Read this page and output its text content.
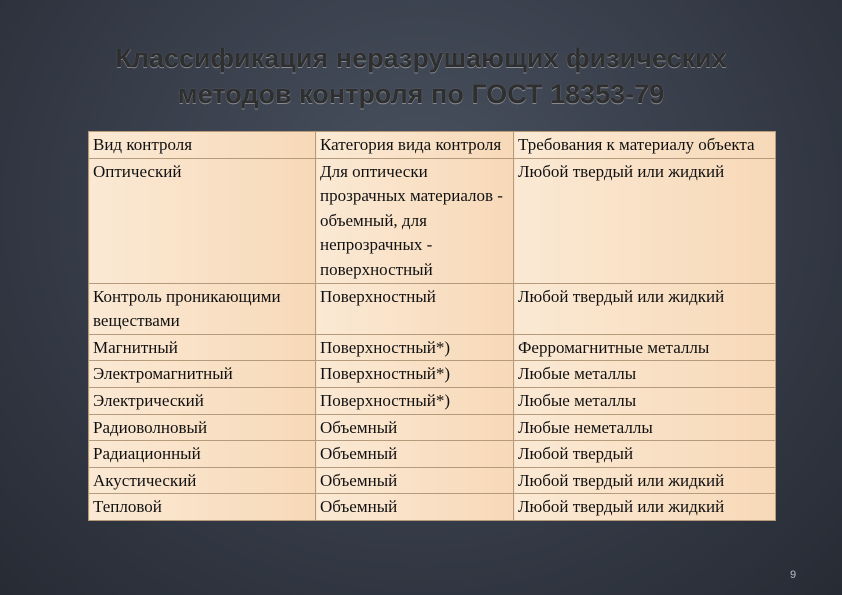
Классификация неразрушающих физических
методов контроля по ГОСТ 18353-79
Вид контроля	Категория вида контроля	Требования к материалу объекта
Оптический	Для оптически прозрачных материалов - объемный, для непрозрачных - поверхностный	Любой твердый или жидкий
Контроль проникающими веществами	Поверхностный	Любой твердый или жидкий
Магнитный	Поверхностный*)	Ферромагнитные металлы
Электромагнитный	Поверхностный*)	Любые металлы
Электрический	Поверхностный*)	Любые металлы
Радиоволновый	Объемный	Любые неметаллы
Радиационный	Объемный	Любой твердый
Акустический	Объемный	Любой твердый или жидкий
Тепловой	Объемный	Любой твердый или жидкий
9
